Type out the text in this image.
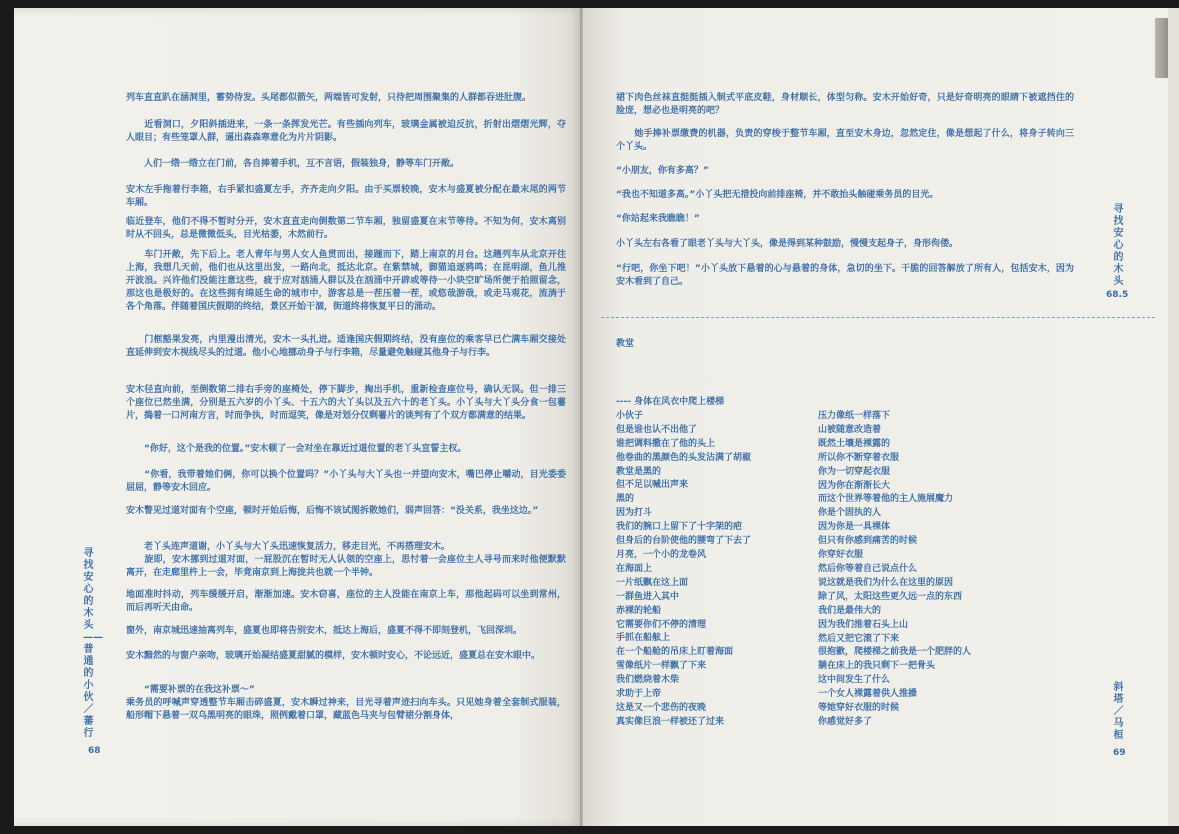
列车直直趴在涵洞里，蓄势待发。头尾都似箭矢，两端皆可发射，只待把周围聚集的人群都吞进肚腹。

　　近看洞口，夕阳斜插进来，一条一条挥发光芒。有些插向列车，玻璃金属被迫反抗，折射出熠熠光辉，夺人眼目；有些笼罩人群，逼出森森寒意化为片片阴影。

　　人们一绺一绺立在门前，各自捧着手机，互不言语，假装独身，静等车门开敞。

安木左手拖着行李箱，右手紧扣盛夏左手，齐齐走向夕阳。由于买票较晚，安木与盛夏被分配在最末尾的两节车厢。

临近登车，他们不得不暂时分开，安木直直走向倒数第二节车厢，独留盛夏在末节等待。不知为何，安木离别时从不回头，总是微微低头，目光枯萎，木然前行。

　　车门开敞，先下后上。老人青年与男人女人鱼贯而出，接踵而下，踏上南京的月台。这趟列车从北京开往上海，我想几天前，他们也从这里出发，一路向北，抵达北京。在紫禁城，御猫追逐鸦鸣；在昆明湖，鱼儿推开波浪。兴许他们没能注意这些，疲于应对汹涌人群以及在汹涌中开辟或等待一小块空旷场所便于拍照留念，那这也是极好的。在这些拥有绵延生命的城市中，游客总是一茬压着一茬，或悠哉游哉，或走马观花，流淌于各个角落。伴随着国庆假期的终结，景区开始干涸，街道终将恢复平日的涌动。

　　门框豁果发亮，内里漫出清光，安木一头扎进。适逢国庆假期终结，没有座位的乘客早已伫满车厢交接处直延伸到安木视线尽头的过道。他小心地挪动身子与行李箱，尽量避免触碰其他身子与行李。

安木径直向前，至倒数第二排右手旁的座椅处，停下脚步，掏出手机，重新检查座位号，确认无误。但一排三个座位已然坐满，分别是五六岁的小丫头、十五六的大丫头以及五六十的老丫头。小丫头与大丫头分食一包薯片，搗着一口河南方言，时而争执，时而逗笑，像是对划分仅剩薯片的谈判有了个双方都满意的结果。

　　“你好，这个是我的位置。”安木顿了一会对坐在靠近过道位置的老丫头宣誓主权。

　　“你看，我带着她们俩，你可以换个位置吗？”小丫头与大丫头也一并望向安木，嘴巴停止嚼动，目光委委屈屈，静等安木回应。

安木瞥见过道对面有个空座，顿时开始后悔，后悔不该试图拆散她们，弱声回答：“没关系，我坐这边。”

　　老丫头连声道谢，小丫头与大丫头迅速恢复活力，移走目光，不再搭理安木。
　　旋即，安木挪到过道对面，一屁股沉在暂时无人认领的空座上，思忖着一会座位主人寻号而来时他便默默离开，在走廊里杵上一会，毕竟南京到上海拢共也就一个半钟。

地面准时抖动，列车缓缓开启，渐渐加速。安木窃喜，座位的主人没能在南京上车，那他起码可以坐到常州，而后再听天由命。

窗外，南京城迅速抽离列车，盛夏也即将告别安木，抵达上海后，盛夏不得不即刻登机，飞回深圳。

安木黯然的与窗户亲吻，玻璃开始凝结盛夏甜腻的模样，安木顿时安心，不论远近，盛夏总在安木眼中。

　　“需要补票的在我这补票～”
乘务员的呼喊声穿透整节车厢击碎盛夏，安木瞬过神来，目光寻着声迹扫向车头。只见她身着全套制式服装，船形帽下悬着一双乌黑明亮的眼珠，照例戴着口罩，藏蓝色马夹与包臂裙分割身体，

寻找安心的木头——普通的小伙／蕃行

68

裙下肉色丝袜直挺挺插入制式平底皮鞋，身材顺长，体型匀称。安木开始好奇，只是好奇明亮的眼睛下被遮挡住的脸庞，想必也是明亮的吧？

　　她手捧补票缴费的机器，负责的穿梭于整节车厢，直至安木身边，忽然定住，像是想起了什么，将身子转向三个丫头。

“小朋友，你有多高？”

“我也不知道多高。”小丫头把无措投向前排座椅，并不敢抬头触碰乘务员的目光。

“你站起来我瞧瞧！”

小丫头左右各看了眼老丫头与大丫头，像是得到某种鼓励，慢慢支起身子，身形佝偻。

“行吧，你坐下吧！”小丫头放下悬着的心与悬着的身体，急切的坐下。干脆的回答解放了所有人，包括安木，因为安木看到了自己。

寻找安心的木头

68.5

教堂

---- 身体在风衣中爬上楼梯
小伙子
但是谁也认不出他了
谁把调料撒在了他的头上
他卷曲的黑颜色的头发沾满了胡椒
教堂是黑的
但不足以喊出声来
黑的
因为打斗
我们的腕口上留下了十字架的疤
但身后的台阶使他的腰弯了下去了
月亮，一个小的龙卷风
在海面上
一片纸飘在这上面
一群鱼进入其中
赤裸的轮船
它需要你们不停的清理
手抓在船舷上
在一个船舱的吊床上盯着海面
雪像纸片一样飘了下来
我们燃烧着木柴
求助于上帝
这是又一个悲伤的夜晚
真实像巨浪一样被还了过来
压力像纸一样落下
山被随意改造着
既然土壤是裸露的
所以你不断穿着衣服
你为一切穿起衣服
因为你在渐渐长大
而这个世界等着他的主人施展魔力
你是个固执的人
因为你是一具裸体
但只有你感到痛苦的时候
你穿好衣服
然后你等着自己说点什么
说这就是我们为什么在这里的原因
除了风，太阳这些更久远一点的东西
我们是最伟大的
因为我们推着石头上山
然后又把它滚了下来
很抱歉，爬楼梯之前我是一个肥胖的人
躺在床上的我只剩下一把骨头
这中间发生了什么
一个女人裸露着供人推搡
等她穿好衣服的时候
你感觉好多了

斜塔／马桓

69
